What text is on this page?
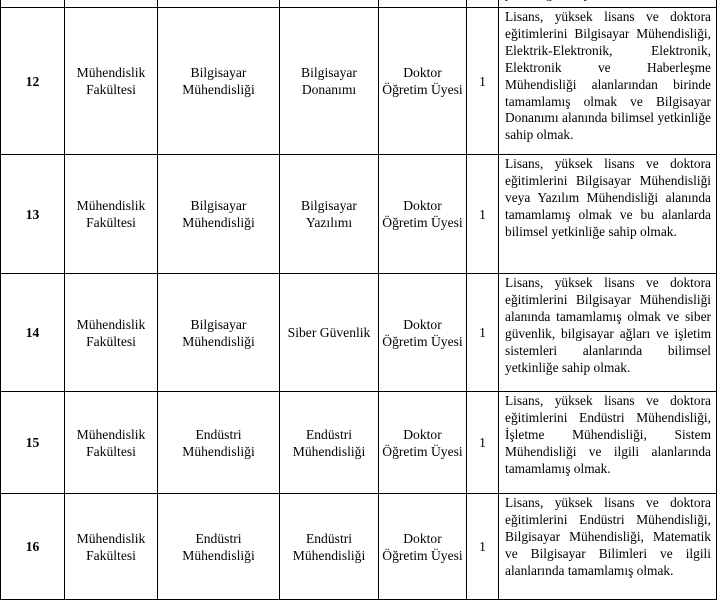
12	Mühendislik Fakültesi	Bilgisayar Mühendisliği	Bilgisayar Donanımı	Doktor Öğretim Üyesi	1	Lisans, yüksek lisans ve doktora eğitimlerini Bilgisayar Mühendisliği, Elektrik-Elektronik, Elektronik, Elektronik ve Haberleşme Mühendisliği alanlarından birinde tamamlamış olmak ve Bilgisayar Donanımı alanında bilimsel yetkinliğe sahip olmak.
13	Mühendislik Fakültesi	Bilgisayar Mühendisliği	Bilgisayar Yazılımı	Doktor Öğretim Üyesi	1	Lisans, yüksek lisans ve doktora eğitimlerini Bilgisayar Mühendisliği veya Yazılım Mühendisliği alanında tamamlamış olmak ve bu alanlarda bilimsel yetkinliğe sahip olmak.
14	Mühendislik Fakültesi	Bilgisayar Mühendisliği	Siber Güvenlik	Doktor Öğretim Üyesi	1	Lisans, yüksek lisans ve doktora eğitimlerini Bilgisayar Mühendisliği alanında tamamlamış olmak ve siber güvenlik, bilgisayar ağları ve işletim sistemleri alanlarında bilimsel yetkinliğe sahip olmak.
15	Mühendislik Fakültesi	Endüstri Mühendisliği	Endüstri Mühendisliği	Doktor Öğretim Üyesi	1	Lisans, yüksek lisans ve doktora eğitimlerini Endüstri Mühendisliği, İşletme Mühendisliği, Sistem Mühendisliği ve ilgili alanlarında tamamlamış olmak.
16	Mühendislik Fakültesi	Endüstri Mühendisliği	Endüstri Mühendisliği	Doktor Öğretim Üyesi	1	Lisans, yüksek lisans ve doktora eğitimlerini Endüstri Mühendisliği, Bilgisayar Mühendisliği, Matematik ve Bilgisayar Bilimleri ve ilgili alanlarında tamamlamış olmak.
